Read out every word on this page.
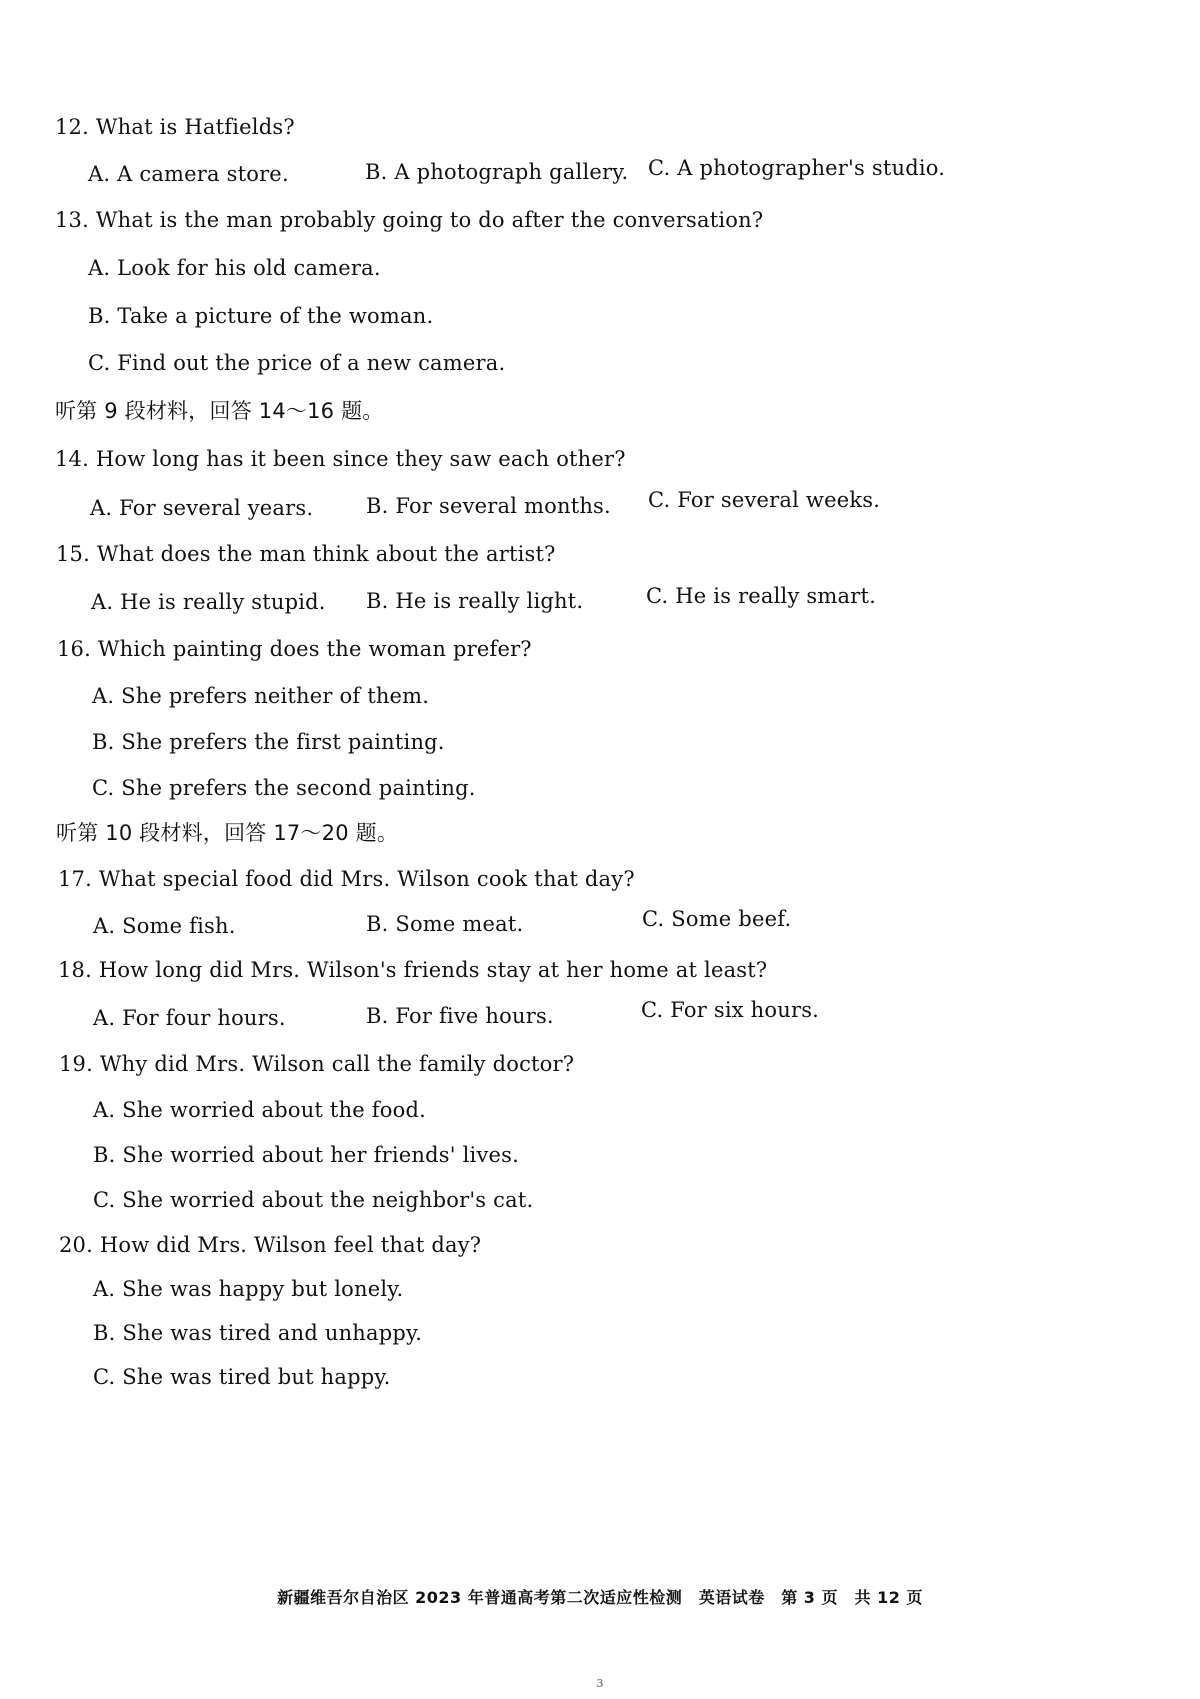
12. What is Hatfields?
A. A camera store.	B. A photograph gallery. C. A photographer's studio.
13. What is the man probably going to do after the conversation?
A. Look for his old camera.
B. Take a picture of the woman.
C. Find out the price of a new camera.
听第 9 段材料，回答 14～16 题。
14. How long has it been since they saw each other?
A. For several years.	B. For several months. C. For several weeks.
15. What does the man think about the artist?
A. He is really stupid. B. He is really light.	C. He is really smart.
16. Which painting does the woman prefer?
A. She prefers neither of them.
B. She prefers the first painting.
C. She prefers the second painting.
听第 10 段材料，回答 17～20 题。
17. What special food did Mrs. Wilson cook that day?
A. Some fish.	B. Some meat.	C. Some beef.
18. How long did Mrs. Wilson's friends stay at her home at least?
A. For four hours.	B. For five hours.	C. For six hours.
19. Why did Mrs. Wilson call the family doctor?
A. She worried about the food.
B. She worried about her friends' lives.
C. She worried about the neighbor's cat.
20. How did Mrs. Wilson feel that day?
A. She was happy but lonely.
B. She was tired and unhappy.
C. She was tired but happy.
新疆维吾尔自治区 2023 年普通高考第二次适应性检测　英语试卷　第 3 页　共 12 页
3
